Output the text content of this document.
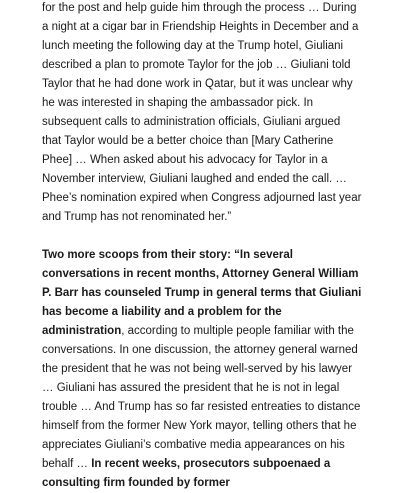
for the post and help guide him through the process … During a night at a cigar bar in Friendship Heights in December and a lunch meeting the following day at the Trump hotel, Giuliani described a plan to promote Taylor for the job … Giuliani told Taylor that he had done work in Qatar, but it was unclear why he was interested in shaping the ambassador pick. In subsequent calls to administration officials, Giuliani argued that Taylor would be a better choice than [Mary Catherine Phee] … When asked about his advocacy for Taylor in a November interview, Giuliani laughed and ended the call. … Phee’s nomination expired when Congress adjourned last year and Trump has not renominated her.”

Two more scoops from their story: “In several conversations in recent months, Attorney General William P. Barr has counseled Trump in general terms that Giuliani has become a liability and a problem for the administration, according to multiple people familiar with the conversations. In one discussion, the attorney general warned the president that he was not being well-served by his lawyer … Giuliani has assured the president that he is not in legal trouble … And Trump has so far resisted entreaties to distance himself from the former New York mayor, telling others that he appreciates Giuliani’s combative media appearances on his behalf … In recent weeks, prosecutors subpoenaed a consulting firm founded by former
